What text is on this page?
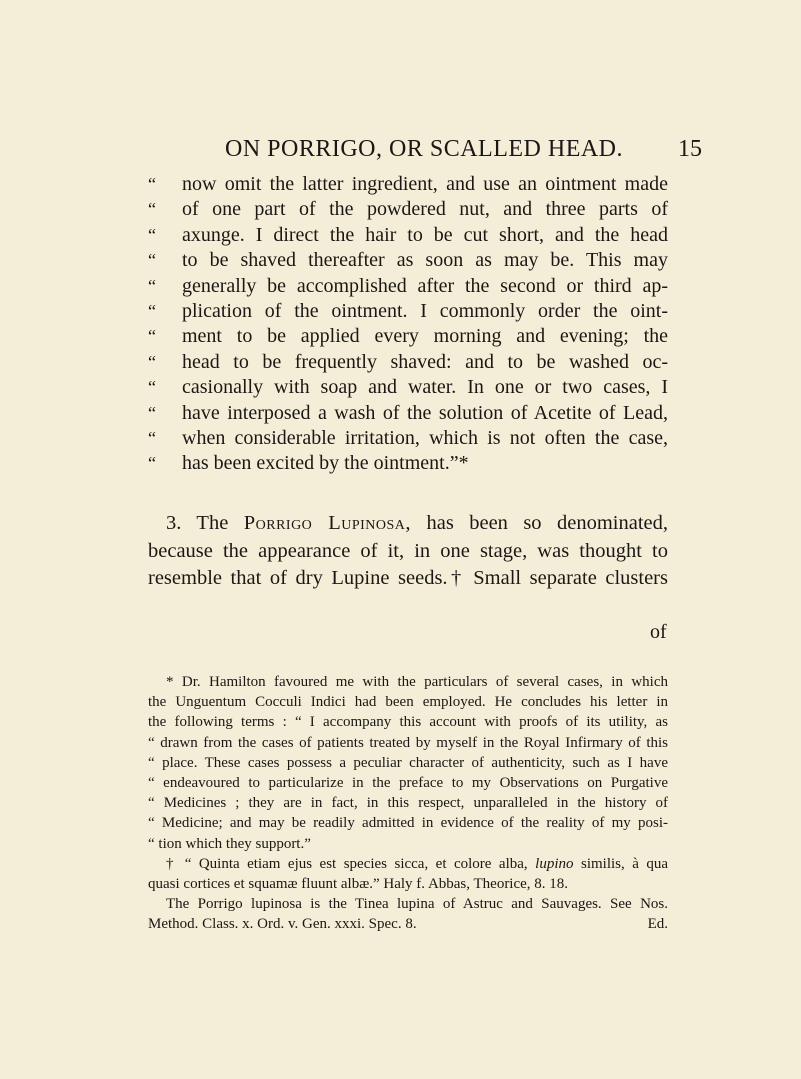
ON PORRIGO, OR SCALLED HEAD. 15
“	now omit the latter ingredient, and use an ointment made
“	of one part of the powdered nut, and three parts of
“	axunge. I direct the hair to be cut short, and the head
“	to be shaved thereafter as soon as may be. This may
“	generally be accomplished after the second or third ap-
“	plication of the ointment. I commonly order the oint-
“	ment to be applied every morning and evening; the
“	head to be frequently shaved: and to be washed oc-
“	casionally with soap and water. In one or two cases, I
“	have interposed a wash of the solution of Acetite of Lead,
“	when considerable irritation, which is not often the case,
“	has been excited by the ointment.”*
3. The Porrigo Lupinosa, has been so denominated,
because the appearance of it, in one stage, was thought to
resemble that of dry Lupine seeds.† Small separate clusters
of
* Dr. Hamilton favoured me with the particulars of several cases, in which
the Unguentum Cocculi Indici had been employed. He concludes his letter in
the following terms : “ I accompany this account with proofs of its utility, as
“ drawn from the cases of patients treated by myself in the Royal Infirmary of this
“ place. These cases possess a peculiar character of authenticity, such as I have
“ endeavoured to particularize in the preface to my Observations on Purgative
“ Medicines ; they are in fact, in this respect, unparalleled in the history of
“ Medicine; and may be readily admitted in evidence of the reality of my posi-
“ tion which they support.”
† “ Quinta etiam ejus est species sicca, et colore alba, lupino similis, à qua
quasi cortices et squamæ fluunt albæ.” Haly f. Abbas, Theorice, 8. 18.
The Porrigo lupinosa is the Tinea lupina of Astruc and Sauvages. See Nos.
Method. Class. x. Ord. v. Gen. xxxi. Spec. 8.	Ed.
